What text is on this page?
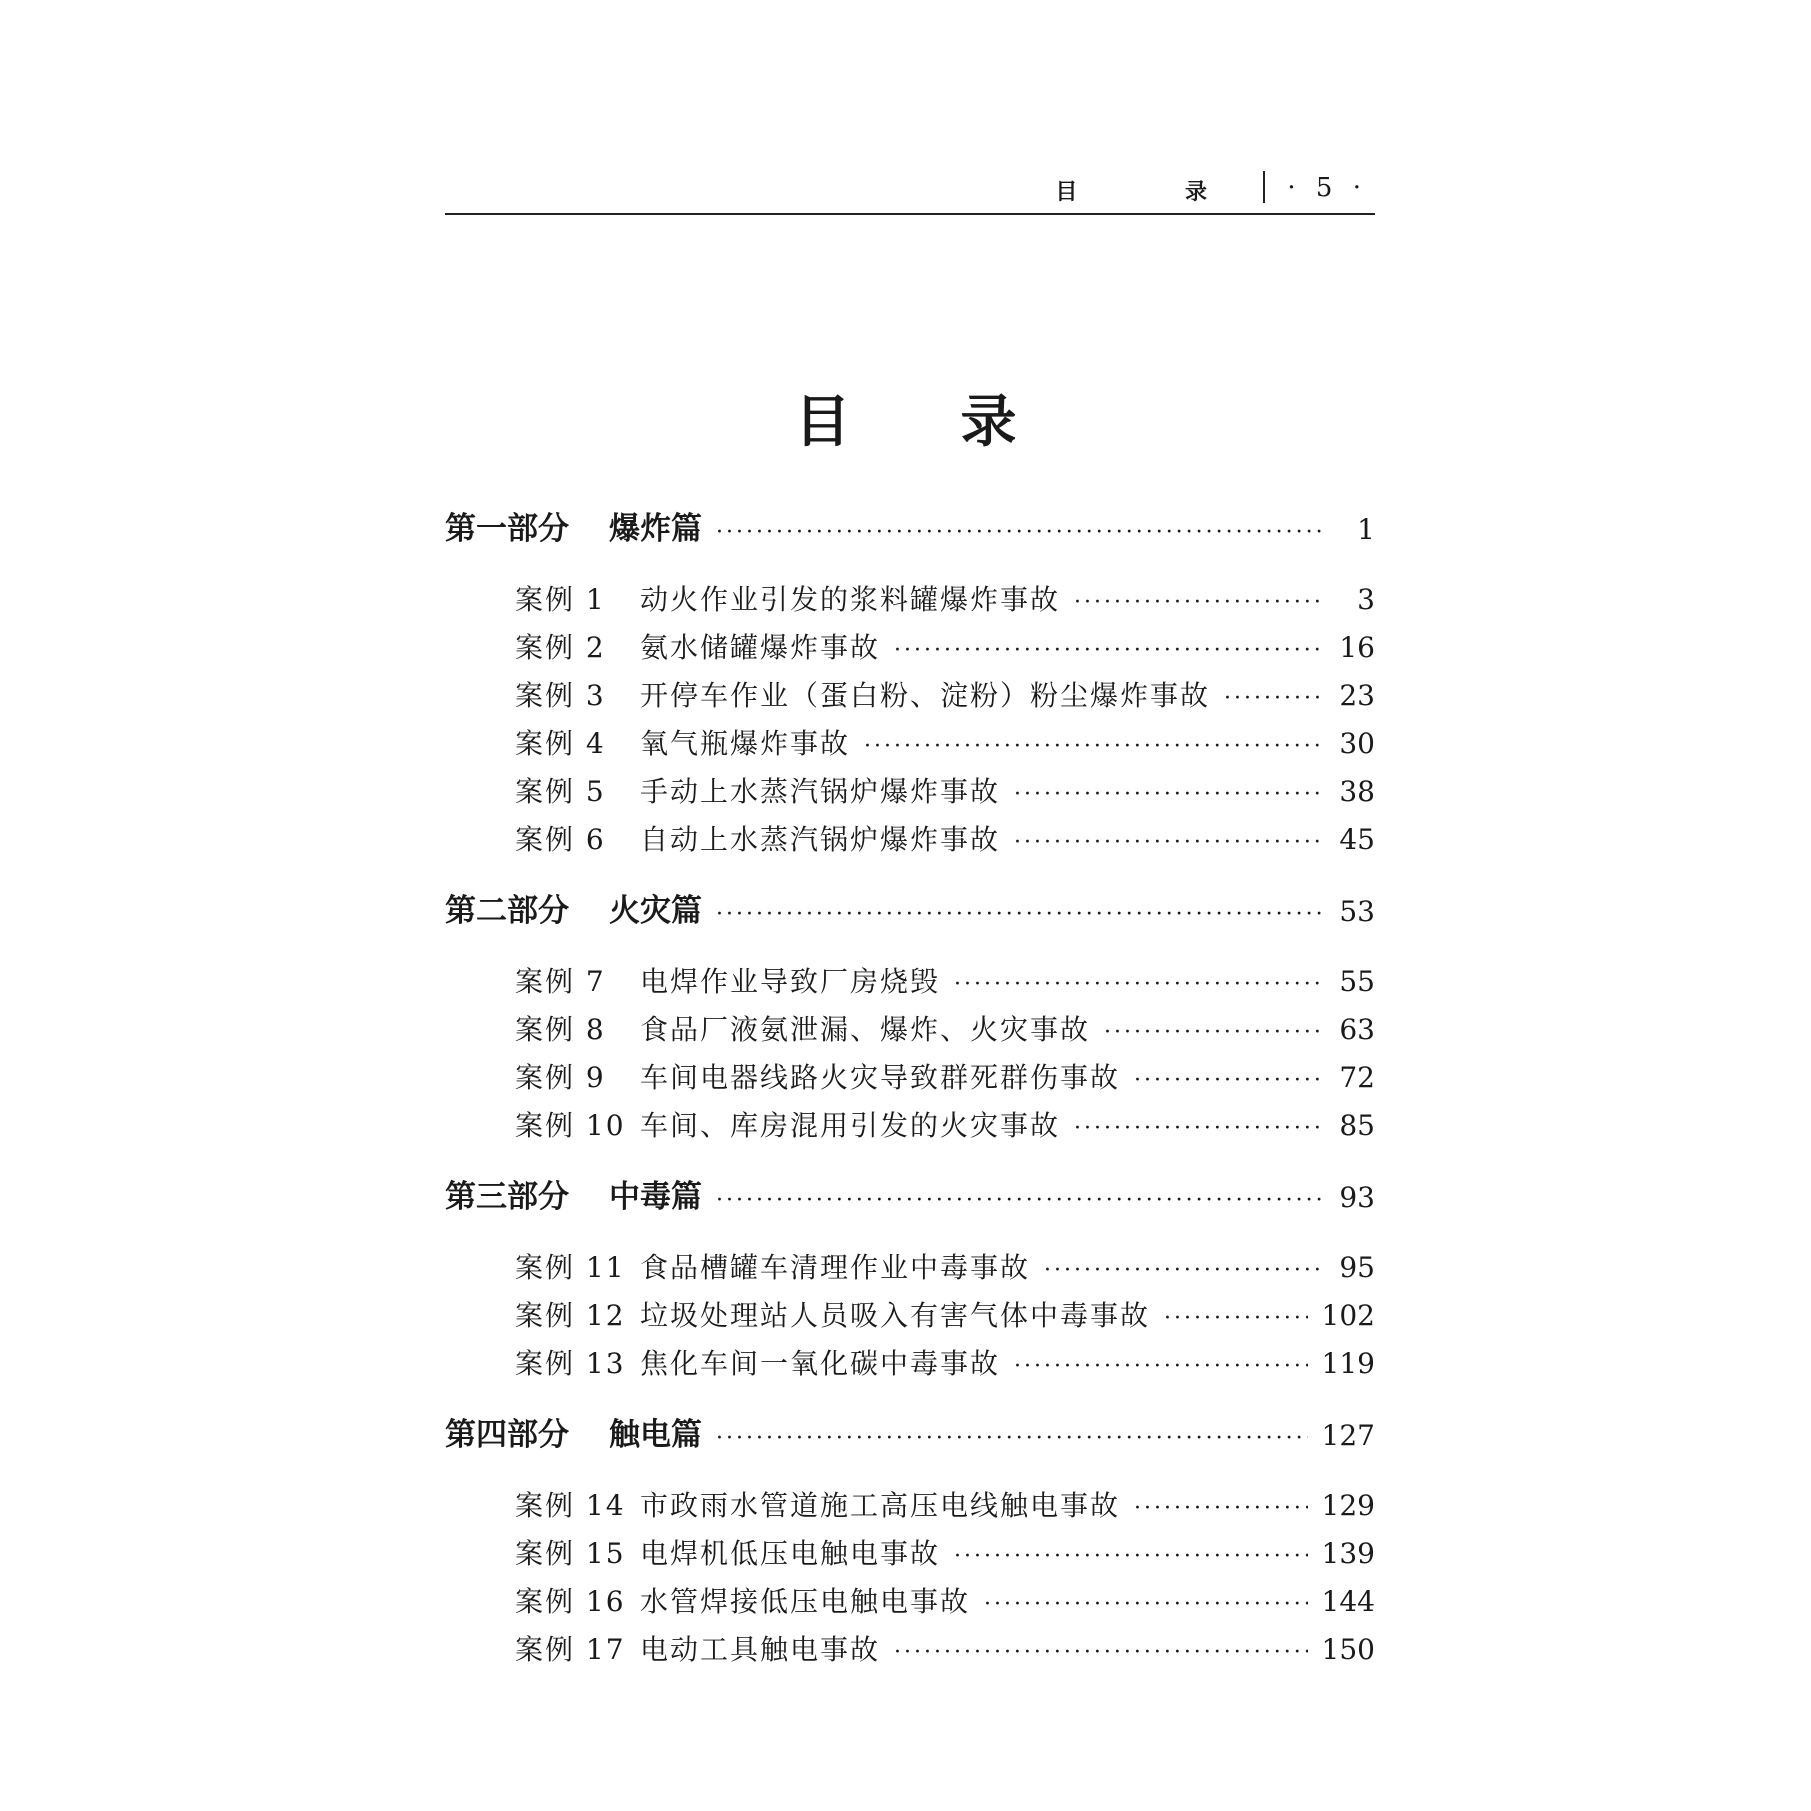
目 录 · 5 ·
目录
第一部分	爆炸篇 ·····	1
案例 1	动火作业引发的浆料罐爆炸事故 ·····	3
案例 2	氨水储罐爆炸事故 ·····	16
案例 3	开停车作业（蛋白粉、淀粉）粉尘爆炸事故 ·····	23
案例 4	氧气瓶爆炸事故 ·····	30
案例 5	手动上水蒸汽锅炉爆炸事故 ·····	38
案例 6	自动上水蒸汽锅炉爆炸事故 ·····	45
第二部分	火灾篇 ·····	53
案例 7	电焊作业导致厂房烧毁 ·····	55
案例 8	食品厂液氨泄漏、爆炸、火灾事故 ·····	63
案例 9	车间电器线路火灾导致群死群伤事故 ·····	72
案例 10 车间、库房混用引发的火灾事故 ·····	85
第三部分	中毒篇 ·····	93
案例 11 食品槽罐车清理作业中毒事故 ·····	95
案例 12 垃圾处理站人员吸入有害气体中毒事故 ·····	102
案例 13 焦化车间一氧化碳中毒事故 ·····	119
第四部分	触电篇 ·····	127
案例 14 市政雨水管道施工高压电线触电事故 ·····	129
案例 15 电焊机低压电触电事故 ·····	139
案例 16 水管焊接低压电触电事故 ·····	144
案例 17 电动工具触电事故 ·····	150
